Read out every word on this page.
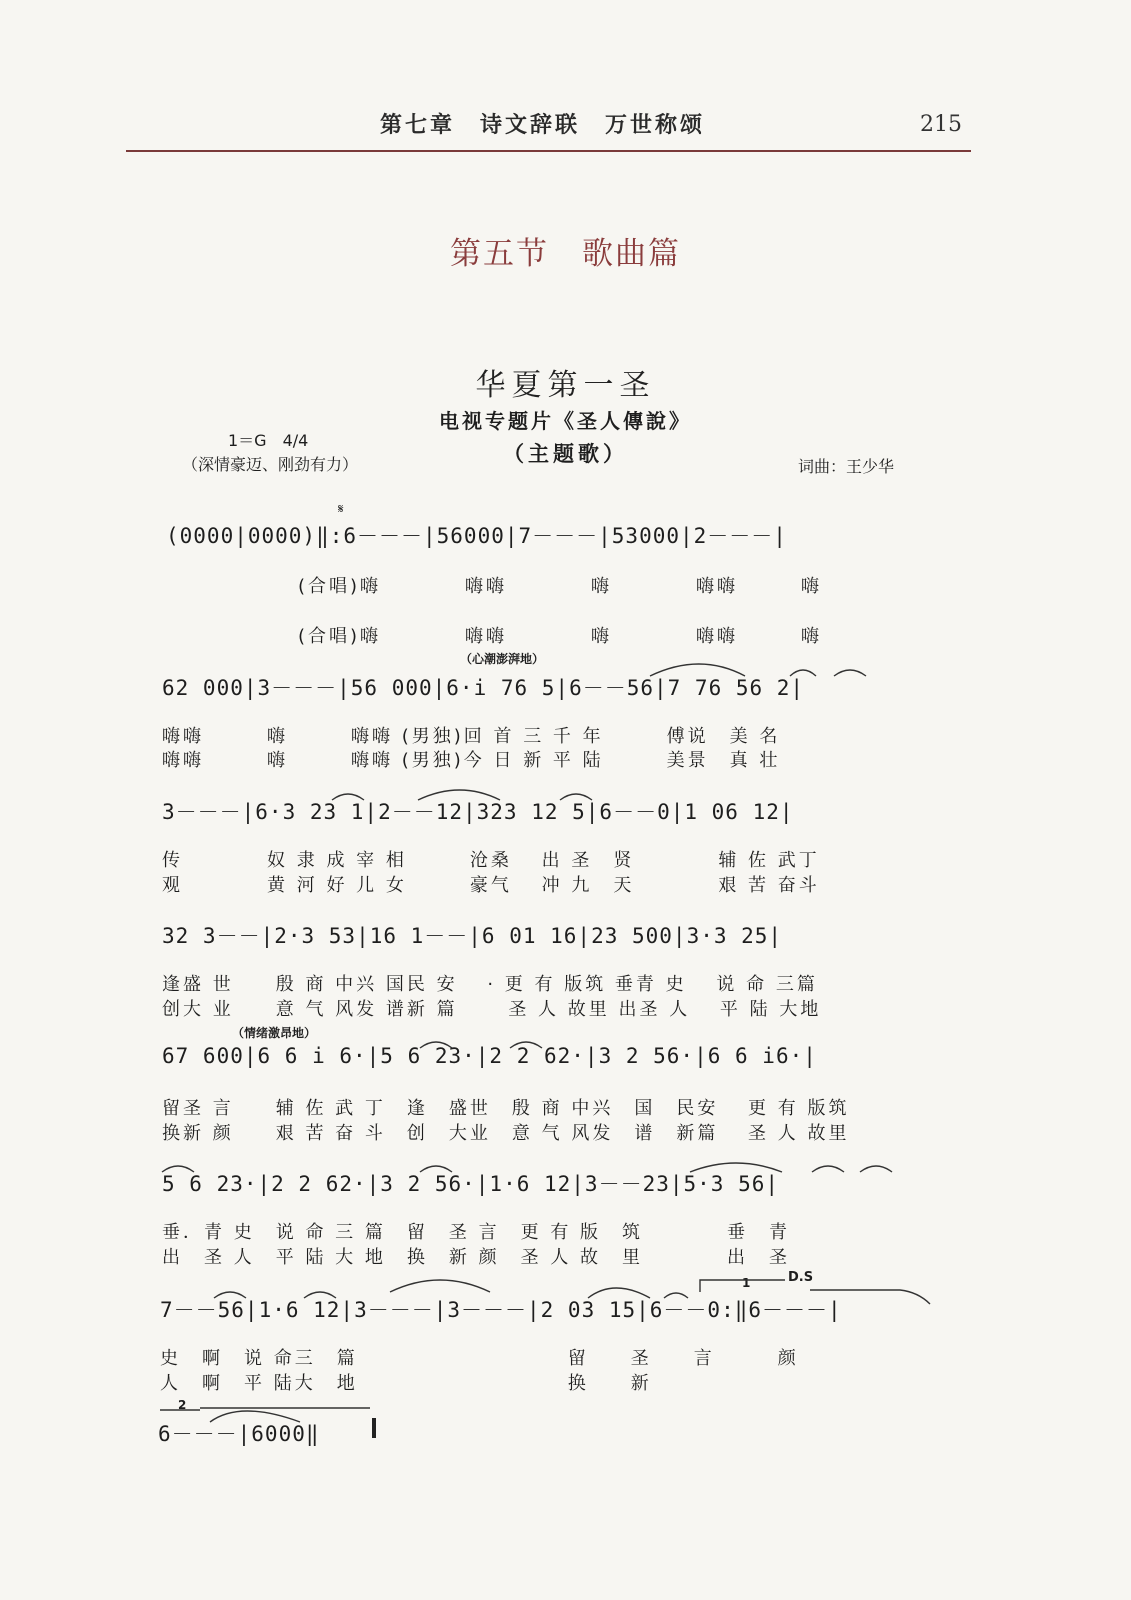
第七章　诗文辞联　万世称颂	215
第五节　歌曲篇
华夏第一圣
电视专题片《圣人傳說》
1＝G　4/4
（深情豪迈、刚劲有力）	（主题歌）
词曲：王少华
(0000|0000)‖:6－－－|56000|7－－－|53000|2－－－|
(合唱)嗨　　　　嗨嗨　　　　嗨　　　　嗨嗨　　　嗨
(合唱)嗨　　　　嗨嗨　　　　嗨　　　　嗨嗨　　　嗨
（心潮澎湃地）
62 000|3－－－|56 000|6·i 76 5|6－－56|7 76 56 2|
嗨嗨　　　嗨　　　嗨嗨 (男独)回 首 三 千 年　　　傅说　美 名
嗨嗨　　　嗨　　　嗨嗨 (男独)今 日 新 平 陆　　　美景　真 壮
3－－－|6·3 23 1|2－－12|323 12 5|6－－0|1 06 12|
传　　　　奴 隶 成 宰 相　　　沧桑　 出 圣　贤　　　　辅 佐 武丁
观　　　　黄 河 好 儿 女　　　豪气　 冲 九　天　　　　艰 苦 奋斗
32 3－－|2·3 53|16 1－－|6 01 16|23 500|3·3 25|
逢盛 世　　殷 商 中兴 国民 安　 · 更 有 版筑 垂青 史　 说 命 三篇
创大 业　　意 气 风发 谱新 篇　　 圣 人 故里 出圣 人　 平 陆 大地
（情绪激昂地）
67 600|6 6 i 6·|5 6 23·|2 2 62·|3 2 56·|6 6 i6·|
留圣 言　　辅 佐 武 丁　逢　盛世　殷 商 中兴　国　民安　 更 有 版筑
换新 颜　　艰 苦 奋 斗　创　大业　意 气 风发　谱　新篇　 圣 人 故里
5 6 23·|2 2 62·|3 2 56·|1·6 12|3－－23|5·3 56|
垂．青 史　说 命 三 篇　留　圣 言　更 有 版　筑　　　　垂　青
出　圣 人　平 陆 大 地　换　新 颜　圣 人 故　里　　　　出　圣
1	D.S
7－－56|1·6 12|3－－－|3－－－|2 03 15|6－－0:‖6－－－|
史　啊　说 命三　篇　　　　　　　　　　留　　圣　　言　　　颜
人　啊　平 陆大　地　　　　　　　　　　换　　新
2
6－－－|6000‖
𝄋
